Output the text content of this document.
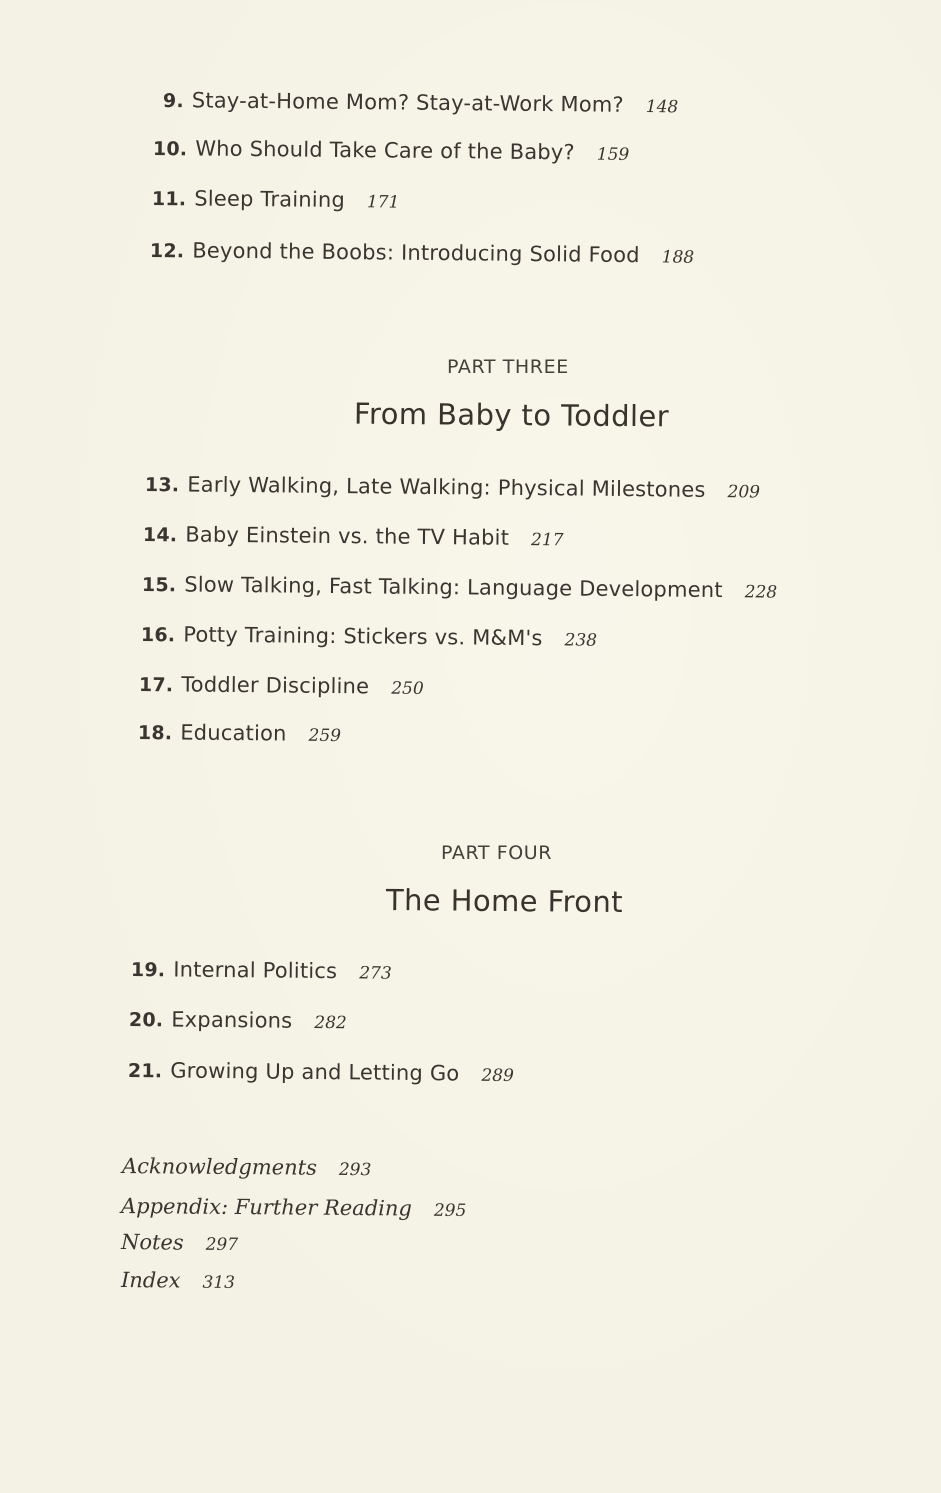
9. Stay-at-Home Mom? Stay-at-Work Mom? 148
10. Who Should Take Care of the Baby? 159
11. Sleep Training 171
12. Beyond the Boobs: Introducing Solid Food 188
PART THREE
From Baby to Toddler
13. Early Walking, Late Walking: Physical Milestones 209
14. Baby Einstein vs. the TV Habit 217
15. Slow Talking, Fast Talking: Language Development 228
16. Potty Training: Stickers vs. M&M's 238
17. Toddler Discipline 250
18. Education 259
PART FOUR
The Home Front
19. Internal Politics 273
20. Expansions 282
21. Growing Up and Letting Go 289
Acknowledgments 293
Appendix: Further Reading 295
Notes 297
Index 313
